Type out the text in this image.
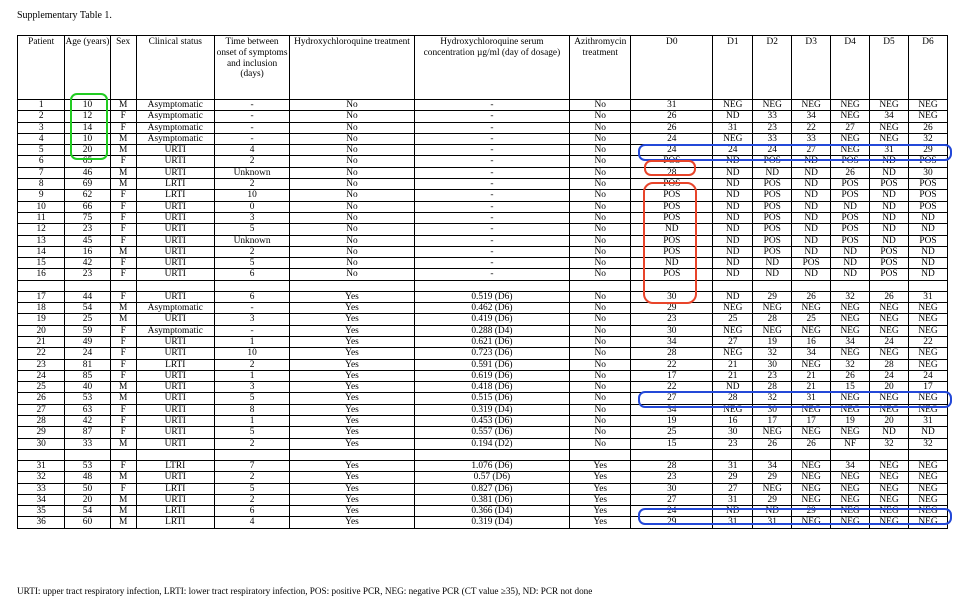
Supplementary Table 1.
Patient	Age (years)	Sex	Clinical status	Time between onset of symptoms and inclusion (days)	Hydroxychloroquine treatment	Hydroxychloroquine serum concentration µg/ml (day of dosage)	Azithromycin treatment	D0	D1	D2	D3	D4	D5	D6
1	10	M	Asymptomatic	-	No	-	No	31	NEG	NEG	NEG	NEG	NEG	NEG
2	12	F	Asymptomatic	-	No	-	No	26	ND	33	34	NEG	34	NEG
3	14	F	Asymptomatic	-	No	-	No	26	31	23	22	27	NEG	26
4	10	M	Asymptomatic	-	No	-	No	24	NEG	33	33	NEG	NEG	32
5	20	M	URTI	4	No	-	No	24	24	24	27	NEG	31	29
6	65	F	URTI	2	No	-	No	POS	ND	POS	ND	POS	ND	POS
7	46	M	URTI	Unknown	No	-	No	28	ND	ND	ND	26	ND	30
8	69	M	LRTI	2	No	-	No	POS	ND	POS	ND	POS	POS	POS
9	62	F	LRTI	10	No	-	No	POS	ND	POS	ND	POS	ND	POS
10	66	F	URTI	0	No	-	No	POS	ND	POS	ND	ND	ND	POS
11	75	F	URTI	3	No	-	No	POS	ND	POS	ND	POS	ND	ND
12	23	F	URTI	5	No	-	No	ND	ND	POS	ND	POS	ND	ND
13	45	F	URTI	Unknown	No	-	No	POS	ND	POS	ND	POS	ND	POS
14	16	M	URTI	2	No	-	No	POS	ND	POS	ND	ND	POS	ND
15	42	F	URTI	5	No	-	No	ND	ND	ND	POS	ND	POS	ND
16	23	F	URTI	6	No	-	No	POS	ND	ND	ND	ND	POS	ND

17	44	F	URTI	6	Yes	0.519 (D6)	No	30	ND	29	26	32	26	31
18	54	M	Asymptomatic	-	Yes	0.462 (D6)	No	29	NEG	NEG	NEG	NEG	NEG	NEG
19	25	M	URTI	3	Yes	0.419 (D6)	No	23	25	28	25	NEG	NEG	NEG
20	59	F	Asymptomatic	-	Yes	0.288 (D4)	No	30	NEG	NEG	NEG	NEG	NEG	NEG
21	49	F	URTI	1	Yes	0.621 (D6)	No	34	27	19	16	34	24	22
22	24	F	URTI	10	Yes	0.723 (D6)	No	28	NEG	32	34	NEG	NEG	NEG
23	81	F	LRTI	2	Yes	0.591 (D6)	No	22	21	30	NEG	32	28	NEG
24	85	F	URTI	1	Yes	0.619 (D6)	No	17	21	23	21	26	24	24
25	40	M	URTI	3	Yes	0.418 (D6)	No	22	ND	28	21	15	20	17
26	53	M	URTI	5	Yes	0.515 (D6)	No	27	28	32	31	NEG	NEG	NEG
27	63	F	URTI	8	Yes	0.319 (D4)	No	34	NEG	30	NEG	NEG	NEG	NEG
28	42	F	URTI	1	Yes	0.453 (D6)	No	19	16	17	17	19	20	31
29	87	F	URTI	5	Yes	0.557 (D6)	No	25	30	NEG	NEG	NEG	ND	ND
30	33	M	URTI	2	Yes	0.194 (D2)	No	15	23	26	26	NF	32	32

31	53	F	LTRI	7	Yes	1.076 (D6)	Yes	28	31	34	NEG	34	NEG	NEG
32	48	M	URTI	2	Yes	0.57 (D6)	Yes	23	29	29	NEG	NEG	NEG	NEG
33	50	F	LRTI	5	Yes	0.827 (D6)	Yes	30	27	NEG	NEG	NEG	NEG	NEG
34	20	M	URTI	2	Yes	0.381 (D6)	Yes	27	31	29	NEG	NEG	NEG	NEG
35	54	M	LRTI	6	Yes	0.366 (D4)	Yes	24	ND	ND	29	NEG	NEG	NEG
36	60	M	LRTI	4	Yes	0.319 (D4)	Yes	29	31	31	NEG	NEG	NEG	NEG
URTI: upper tract respiratory infection, LRTI: lower tract respiratory infection, POS: positive PCR, NEG: negative PCR (CT value ≥35), ND: PCR not done
